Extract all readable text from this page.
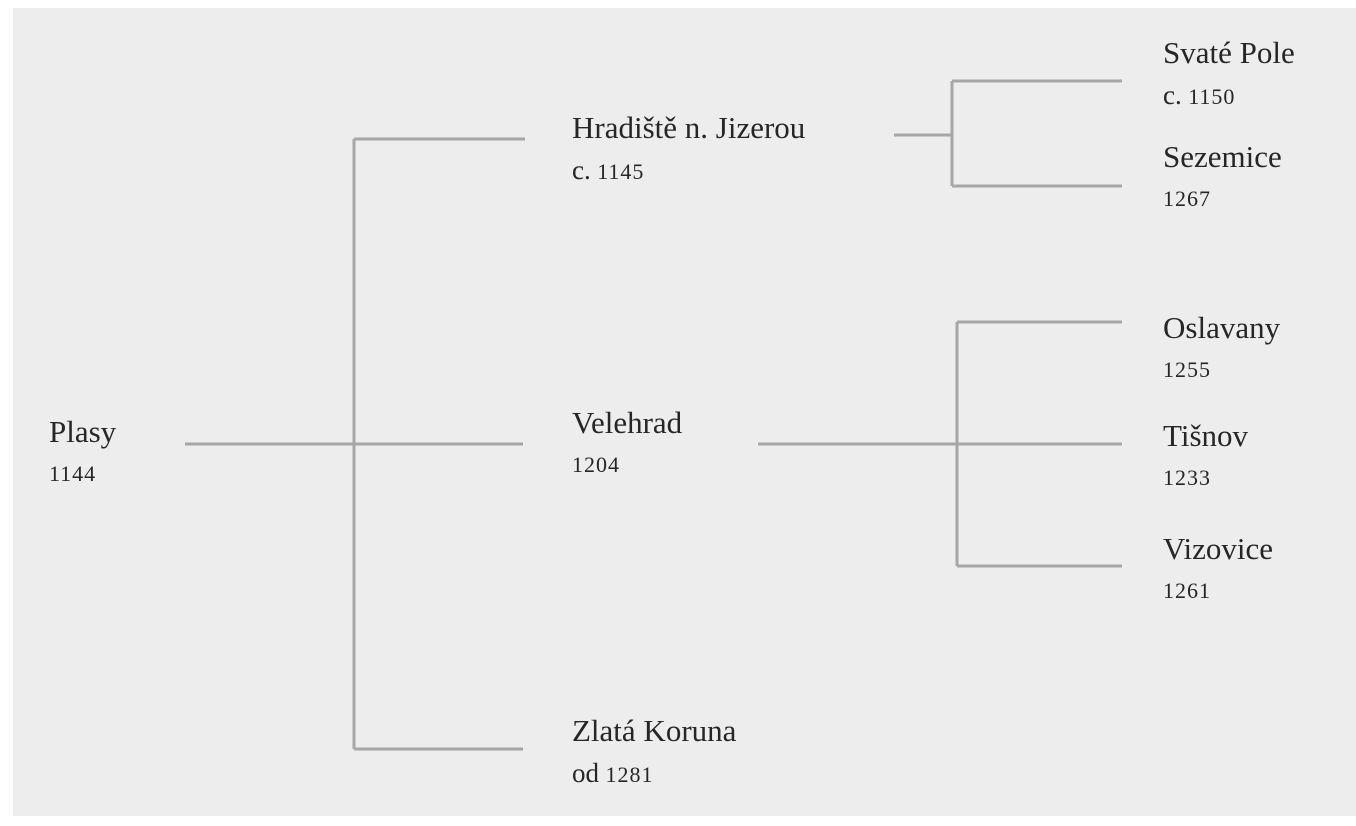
Plasy
1144
Hradiště n. Jizerou
c. 1145
Velehrad
1204
Zlatá Koruna
od 1281
Svaté Pole
c. 1150
Sezemice
1267
Oslavany
1255
Tišnov
1233
Vizovice
1261
